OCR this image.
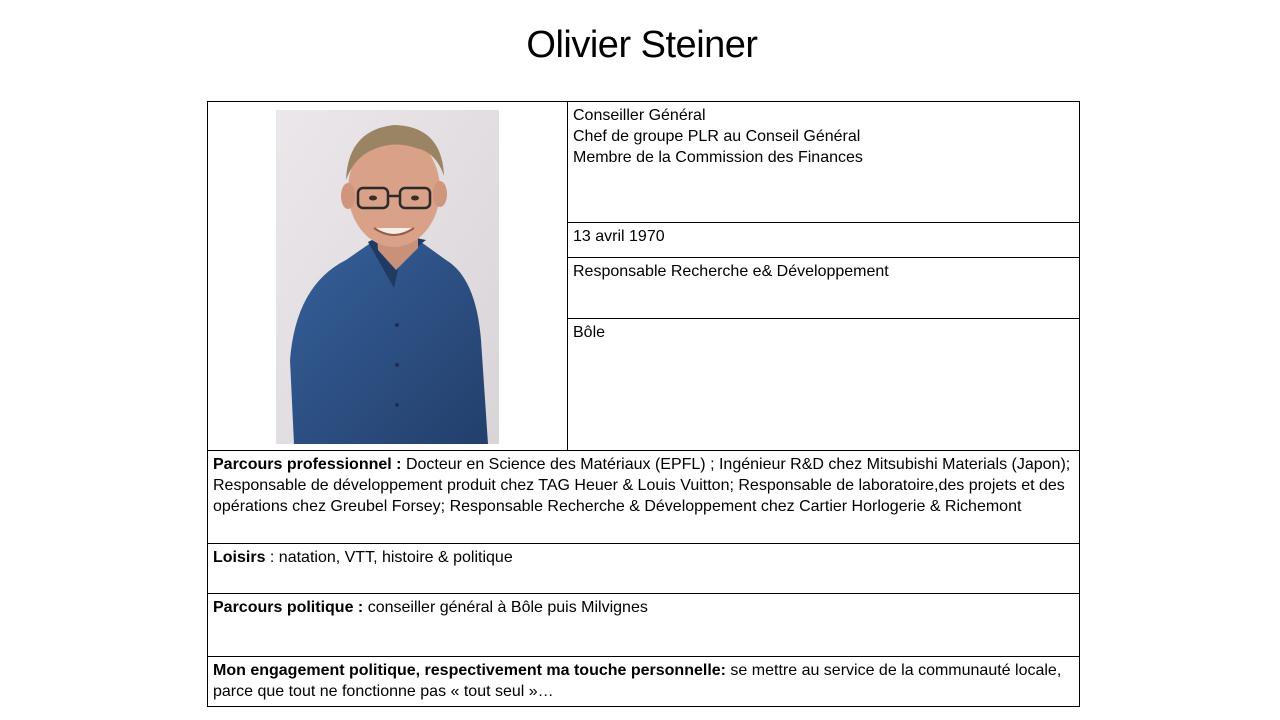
Olivier Steiner

Conseiller Général
Chef de groupe PLR au Conseil Général
Membre de la Commission des Finances

13 avril 1970
Responsable Recherche e& Développement
Bôle
Parcours professionnel : Docteur en Science des Matériaux (EPFL) ; Ingénieur R&D chez Mitsubishi Materials (Japon); Responsable de développement produit chez TAG Heuer & Louis Vuitton; Responsable de laboratoire,des projets et des opérations chez Greubel Forsey; Responsable Recherche & Développement chez Cartier Horlogerie & Richemont
Loisirs : natation, VTT, histoire & politique
Parcours politique : conseiller général à Bôle puis Milvignes
Mon engagement politique, respectivement ma touche personnelle: se mettre au service de la communauté locale, parce que tout ne fonctionne pas « tout seul »…
